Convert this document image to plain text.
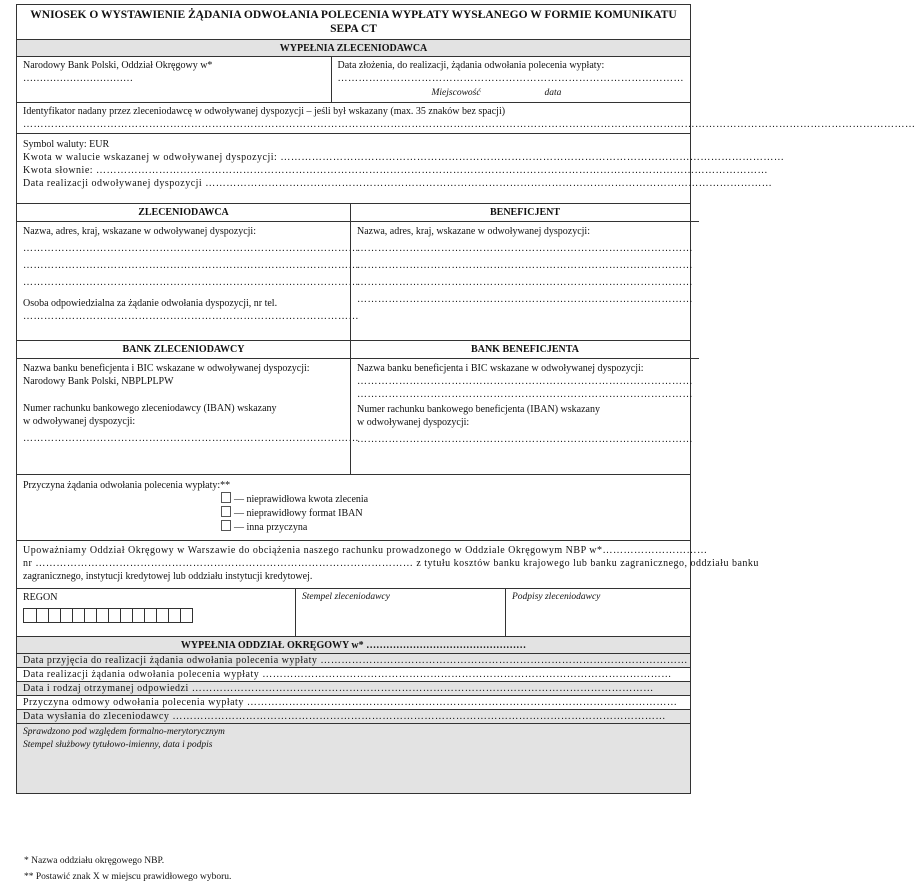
WNIOSEK O WYSTAWIENIE ŻĄDANIA ODWOŁANIA POLECENIA WYPŁATY WYSŁANEGO W FORMIE KOMUNIKATU SEPA CT
WYPEŁNIA ZLECENIODAWCA
Narodowy Bank Polski, Oddział Okręgowy w* ……………………………
Data złożenia, do realizacji, żądania odwołania polecenia wypłaty:
………………………………………………………………………………………
Miejscowość	data
Identyfikator nadany przez zleceniodawcę w odwoływanej dyspozycji – jeśli był wskazany (max. 35 znaków bez spacji)
…………………………………………………………………………………………………………………………………………………………………………………………………………………………………
Symbol waluty: EUR
Kwota w walucie wskazanej w odwoływanej dyspozycji: ………………………………………………………………………………………………………………………………
Kwota słownie: …………………………………………………………………………………………………………………………………………………………………………
Data realizacji odwoływanej dyspozycji ………………………………………………………………………………………………………………………………………………
ZLECENIODAWCA
Nazwa, adres, kraj, wskazane w odwoływanej dyspozycji:
……………………………………………………………………………………
……………………………………………………………………………………
……………………………………………………………………………………
Osoba odpowiedzialna za żądanie odwołania dyspozycji, nr tel.
……………………………………………………………………………………
BENEFICJENT
Nazwa, adres, kraj, wskazane w odwoływanej dyspozycji:
……………………………………………………………………………………
……………………………………………………………………………………
……………………………………………………………………………………
……………………………………………………………………………………
BANK ZLECENIODAWCY
Nazwa banku beneficjenta i BIC wskazane w odwoływanej dyspozycji:
Narodowy Bank Polski, NBPLPLPW
Numer rachunku bankowego zleceniodawcy (IBAN) wskazany
w odwoływanej dyspozycji:
……………………………………………………………………………………
BANK BENEFICJENTA
Nazwa banku beneficjenta i BIC wskazane w odwoływanej dyspozycji:
……………………………………………………………………………………
……………………………………………………………………………………
Numer rachunku bankowego beneficjenta (IBAN) wskazany
w odwoływanej dyspozycji:
……………………………………………………………………………………
Przyczyna żądania odwołania polecenia wypłaty:**
— nieprawidłowa kwota zlecenia
— nieprawidłowy format IBAN
— inna przyczyna
Upoważniamy Oddział Okręgowy w Warszawie do obciążenia naszego rachunku prowadzonego w Oddziale Okręgowym NBP w*…………………………
nr ……………………………………………………………………………………………… z tytułu kosztów banku krajowego lub banku zagranicznego, oddziału banku
zagranicznego, instytucji kredytowej lub oddziału instytucji kredytowej.
REGON	Stempel zleceniodawcy	Podpisy zleceniodawcy
WYPEŁNIA ODDZIAŁ OKRĘGOWY w* …………………………………………
Data przyjęcia do realizacji żądania odwołania polecenia wypłaty ……………………………………………………………………………………………
Data realizacji żądania odwołania polecenia wypłaty ………………………………………………………………………………………………………
Data i rodzaj otrzymanej odpowiedzi ……………………………………………………………………………………………………………………
Przyczyna odmowy odwołania polecenia wypłaty ……………………………………………………………………………………………………………
Data wysłania do zleceniodawcy ……………………………………………………………………………………………………………………………
Sprawdzono pod względem formalno-merytorycznym
Stempel służbowy tytułowo-imienny, data i podpis
* Nazwa oddziału okręgowego NBP.
** Postawić znak X w miejscu prawidłowego wyboru.
